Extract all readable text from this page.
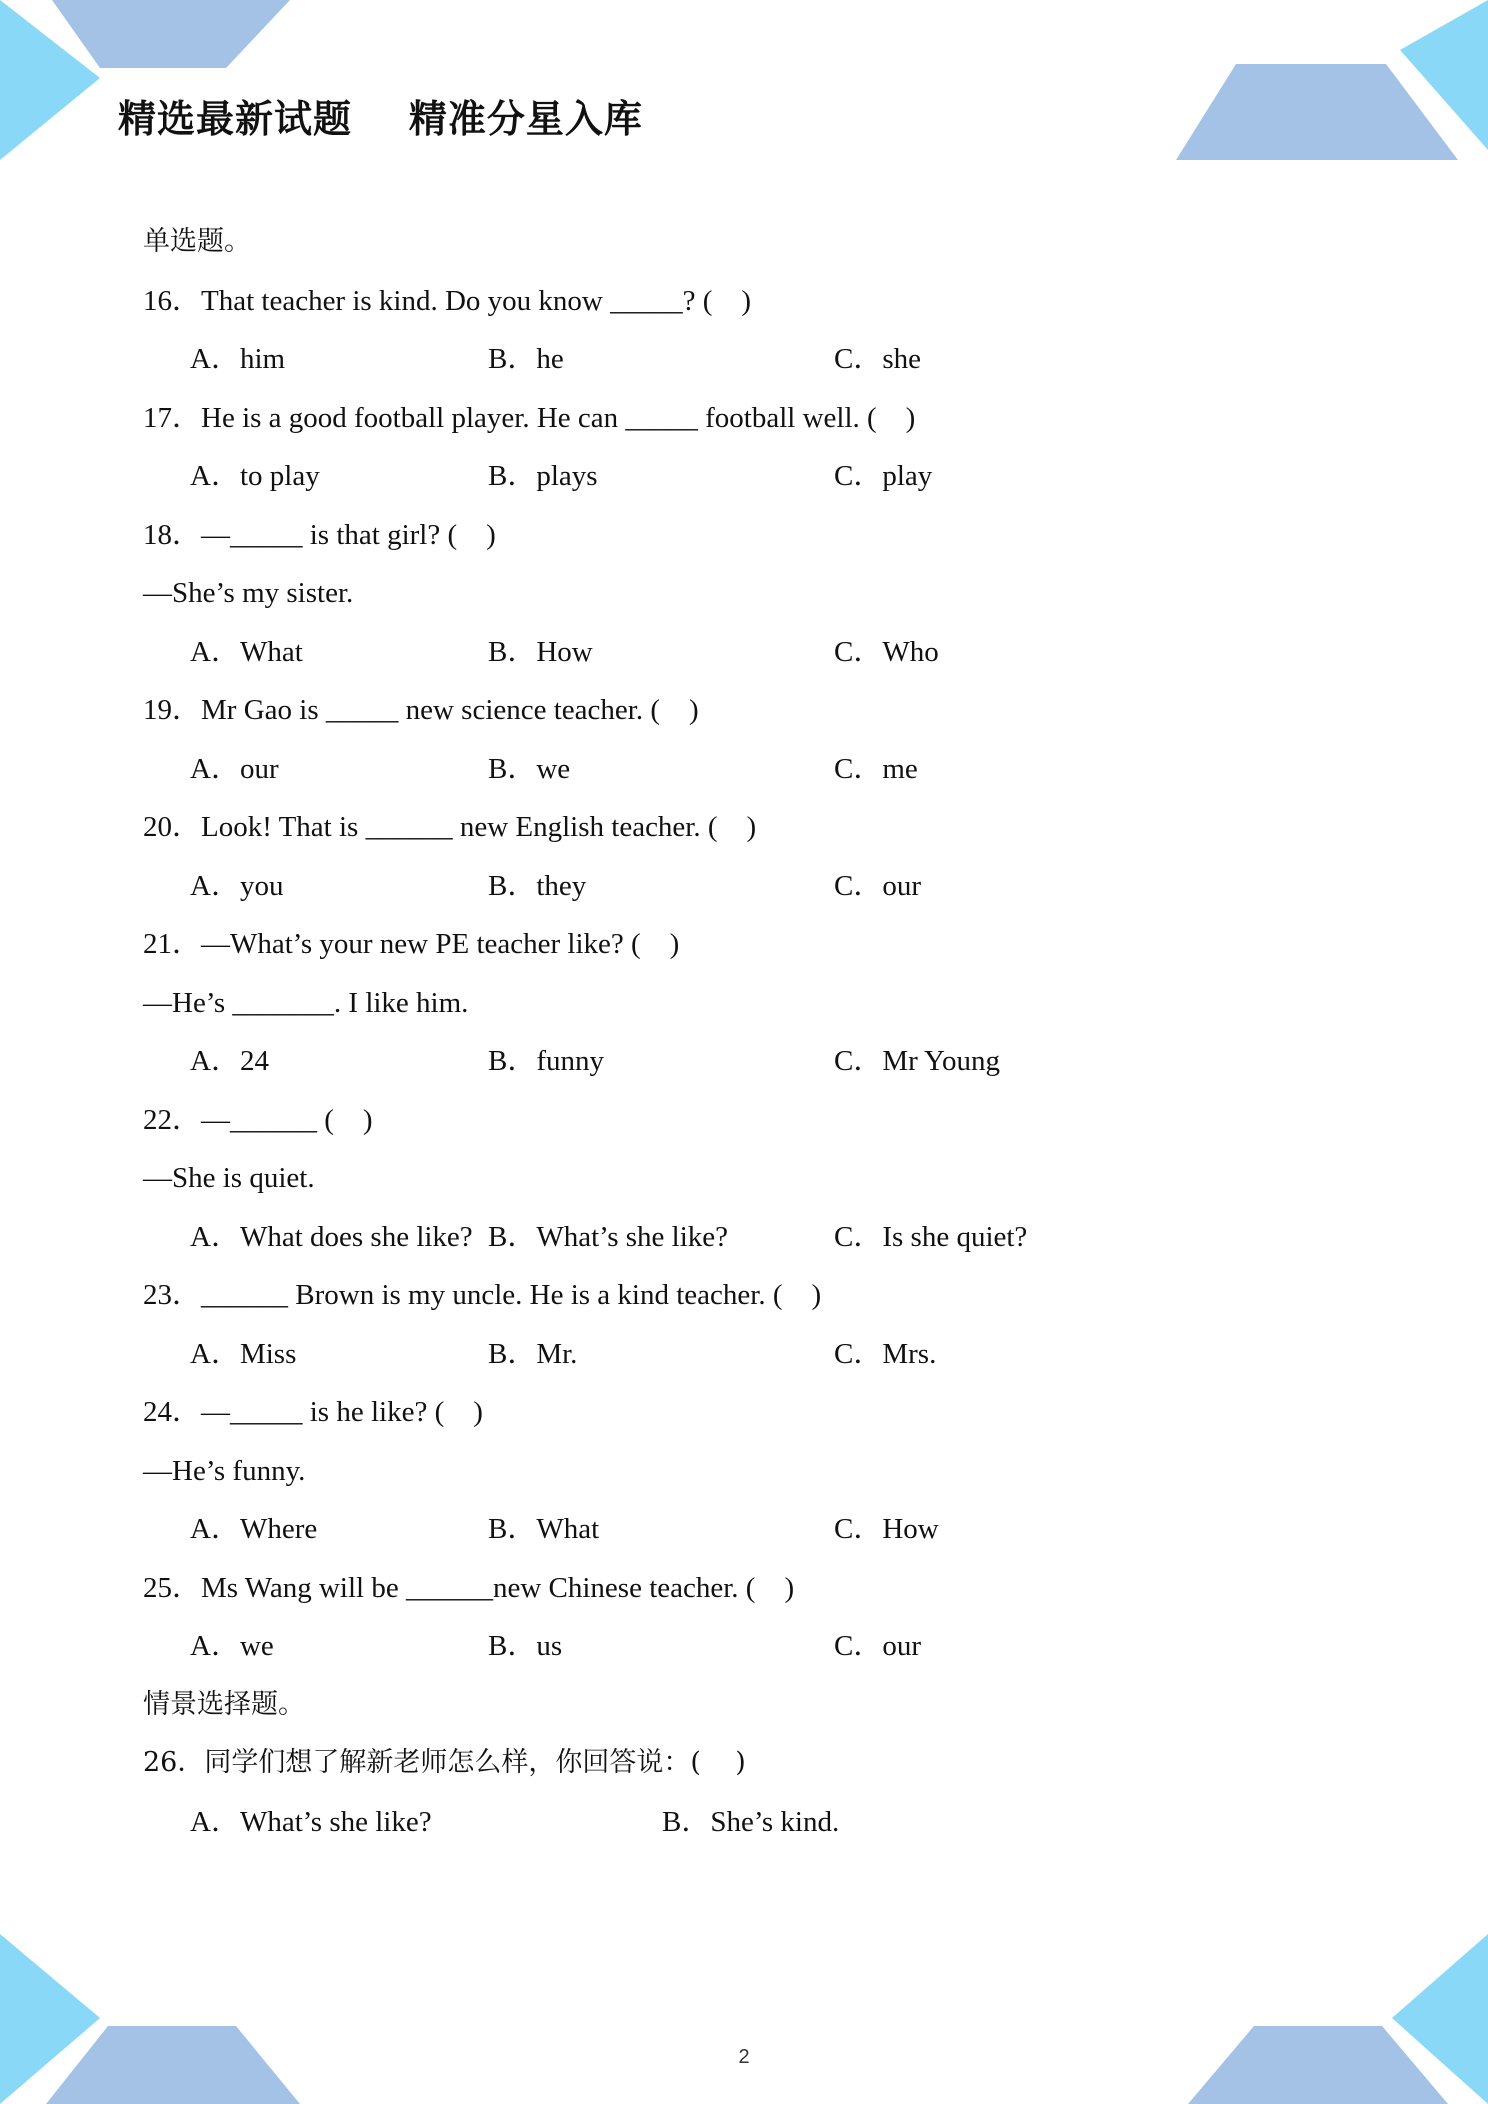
精选最新试题    精准分星入库
单选题。
16．That teacher is kind. Do you know _____? (    )
A．him	B．he	C．she
17．He is a good football player. He can _____ football well. (    )
A．to play	B．plays	C．play
18．—_____ is that girl? (    )
—She’s my sister.
A．What	B．How	C．Who
19．Mr Gao is _____ new science teacher. (    )
A．our	B．we	C．me
20．Look! That is ______ new English teacher. (    )
A．you	B．they	C．our
21．—What’s your new PE teacher like? (    )
—He’s _______. I like him.
A．24	B．funny	C．Mr Young
22．—______ (    )
—She is quiet.
A．What does she like? B．What’s she like?	C．Is she quiet?
23．______ Brown is my uncle. He is a kind teacher. (    )
A．Miss	B．Mr.	C．Mrs.
24．—_____ is he like? (    )
—He’s funny.
A．Where	B．What	C．How
25．Ms Wang will be ______new Chinese teacher. (    )
A．we	B．us	C．our
情景选择题。
26．同学们想了解新老师怎么样，你回答说：(    )
A．What’s she like?	B．She’s kind.
2
